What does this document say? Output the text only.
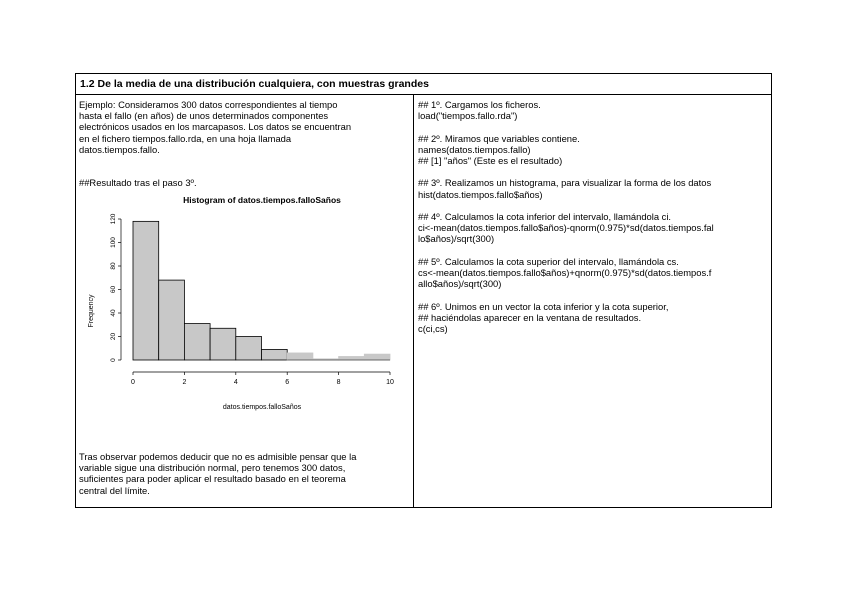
1.2 De la media de una distribución cualquiera, con muestras grandes

Ejemplo: Consideramos 300 datos correspondientes al tiempo

hasta el fallo (en años) de unos determinados componentes

electrónicos usados en los marcapasos. Los datos se encuentran

en el fichero tiempos.fallo.rda, en una hoja llamada

datos.tiempos.fallo.

##Resultado tras el paso 3º.

Histogram of datos.tiempos.falloSaños
Frequency
datos.tiempos.falloSaños
0	2	4	6	8	10
0
20
40
60
80
100
120

Tras observar podemos deducir que no es admisible pensar que la

variable sigue una distribución normal, pero tenemos 300 datos,

suficientes para poder aplicar el resultado basado en el teorema

central del límite.

## 1º. Cargamos los ficheros.

load("tiempos.fallo.rda")

## 2º. Miramos que variables contiene.

names(datos.tiempos.fallo)

## [1] "años" (Este es el resultado)

## 3º. Realizamos un histograma, para visualizar la forma de los datos

hist(datos.tiempos.fallo$años)

## 4º. Calculamos la cota inferior del intervalo, llamándola ci.

ci<-mean(datos.tiempos.fallo$años)-qnorm(0.975)*sd(datos.tiempos.fal

lo$años)/sqrt(300)

## 5º. Calculamos la cota superior del intervalo, llamándola cs.

cs<-mean(datos.tiempos.fallo$años)+qnorm(0.975)*sd(datos.tiempos.f

allo$años)/sqrt(300)

## 6º. Unimos en un vector la cota inferior y la cota superior,

## haciéndolas aparecer en la ventana de resultados.

c(ci,cs)
